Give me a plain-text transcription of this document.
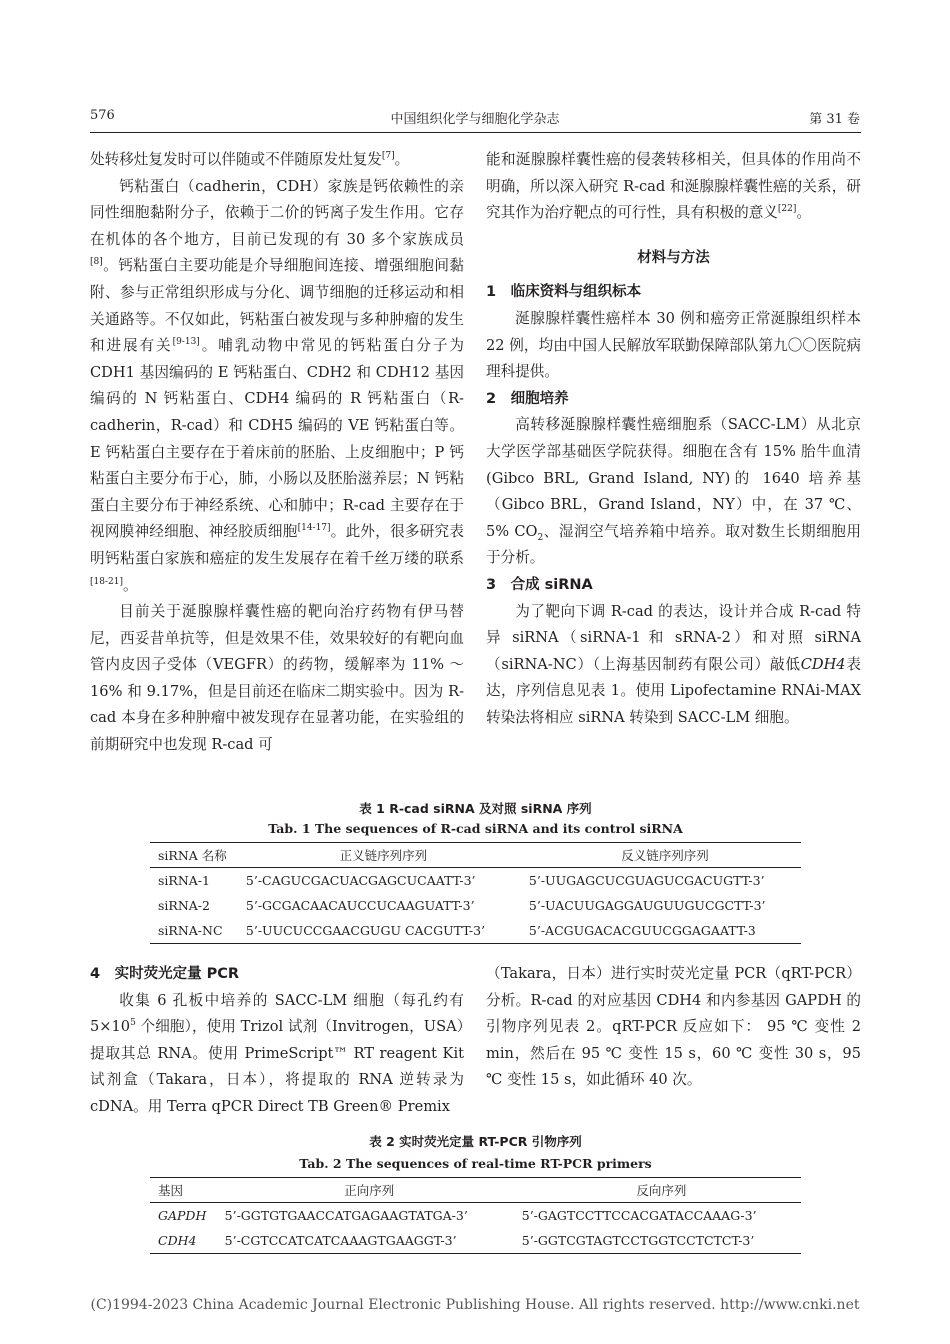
576	中国组织化学与细胞化学杂志	第 31 卷

处转移灶复发时可以伴随或不伴随原发灶复发[7]。

钙粘蛋白（cadherin，CDH）家族是钙依赖性的亲同性细胞黏附分子，依赖于二价的钙离子发生作用。它存在机体的各个地方，目前已发现的有 30 多个家族成员[8]。钙粘蛋白主要功能是介导细胞间连接、增强细胞间黏附、参与正常组织形成与分化、调节细胞的迁移运动和相关通路等。不仅如此，钙粘蛋白被发现与多种肿瘤的发生和进展有关[9-13]。哺乳动物中常见的钙粘蛋白分子为 CDH1 基因编码的 E 钙粘蛋白、CDH2 和 CDH12 基因编码的 N 钙粘蛋白、CDH4 编码的 R 钙粘蛋白（R-cadherin，R-cad）和 CDH5 编码的 VE 钙粘蛋白等。E 钙粘蛋白主要存在于着床前的胚胎、上皮细胞中；P 钙粘蛋白主要分布于心，肺，小肠以及胚胎滋养层；N 钙粘蛋白主要分布于神经系统、心和肺中；R-cad 主要存在于视网膜神经细胞、神经胶质细胞[14-17]。此外，很多研究表明钙粘蛋白家族和癌症的发生发展存在着千丝万缕的联系[18-21]。

目前关于涎腺腺样囊性癌的靶向治疗药物有伊马替尼，西妥昔单抗等，但是效果不佳，效果较好的有靶向血管内皮因子受体（VEGFR）的药物，缓解率为 11% ～ 16% 和 9.17%，但是目前还在临床二期实验中。因为 R-cad 本身在多种肿瘤中被发现存在显著功能，在实验组的前期研究中也发现 R-cad 可

能和涎腺腺样囊性癌的侵袭转移相关，但具体的作用尚不明确，所以深入研究 R-cad 和涎腺腺样囊性癌的关系，研究其作为治疗靶点的可行性，具有积极的意义[22]。

材料与方法

1　临床资料与组织标本

涎腺腺样囊性癌样本 30 例和癌旁正常涎腺组织样本 22 例，均由中国人民解放军联勤保障部队第九〇〇医院病理科提供。

2　细胞培养

高转移涎腺腺样囊性癌细胞系（SACC-LM）从北京大学医学部基础医学院获得。细胞在含有 15% 胎牛血清(Gibco BRL, Grand Island, NY)的 1640 培养基（Gibco BRL，Grand Island，NY）中，在 37 ℃、5% $CO_2$、湿润空气培养箱中培养。取对数生长期细胞用于分析。

3　合成 siRNA

为了靶向下调 R-cad 的表达，设计并合成 R-cad 特异 siRNA（siRNA-1 和 sRNA-2）和对照 siRNA（siRNA-NC）（上海基因制药有限公司）敲低CDH4表达，序列信息见表 1。使用 Lipofectamine RNAi-MAX 转染法将相应 siRNA 转染到 SACC-LM 细胞。

表 1 R-cad siRNA 及对照 siRNA 序列
Tab. 1 The sequences of R-cad siRNA and its control siRNA
siRNA 名称	正义链序列序列	反义链序列序列
siRNA-1	5’-CAGUCGACUACGAGCUCAATT-3’	5’-UUGAGCUCGUAGUCGACUGTT-3’
siRNA-2	5’-GCGACAACAUCCUCAAGUATT-3’	5’-UACUUGAGGAUGUUGUCGCTT-3’
siRNA-NC	5’-UUCUCCGAACGUGU CACGUTT-3’	5’-ACGUGACACGUUCGGAGAATT-3

4　实时荧光定量 PCR

收集 6 孔板中培养的 SACC-LM 细胞（每孔约有 $5\times 10^5$ 个细胞），使用 Trizol 试剂（Invitrogen，USA）提取其总 RNA。使用 PrimeScript™ RT reagent Kit 试剂盒（Takara，日本），将提取的 RNA 逆转录为 cDNA。用 Terra qPCR Direct TB Green® Premix

（Takara，日本）进行实时荧光定量 PCR（qRT-PCR）分析。R-cad 的对应基因 CDH4 和内参基因 GAPDH 的引物序列见表 2。qRT-PCR 反应如下： 95 ℃ 变性 2 min，然后在 95 ℃ 变性 15 s，60 ℃ 变性 30 s，95 ℃ 变性 15 s，如此循环 40 次。

表 2 实时荧光定量 RT-PCR 引物序列
Tab. 2 The sequences of real-time RT-PCR primers
基因	正向序列	反向序列
GAPDH	5’-GGTGTGAACCATGAGAAGTATGA-3’	5’-GAGTCCTTCCACGATACCAAAG-3’
CDH4	5’-CGTCCATCATCAAAGTGAAGGT-3’	5’-GGTCGTAGTCCTGGTCCTCTCT-3’
(C)1994-2023 China Academic Journal Electronic Publishing House. All rights reserved. http://www.cnki.net
